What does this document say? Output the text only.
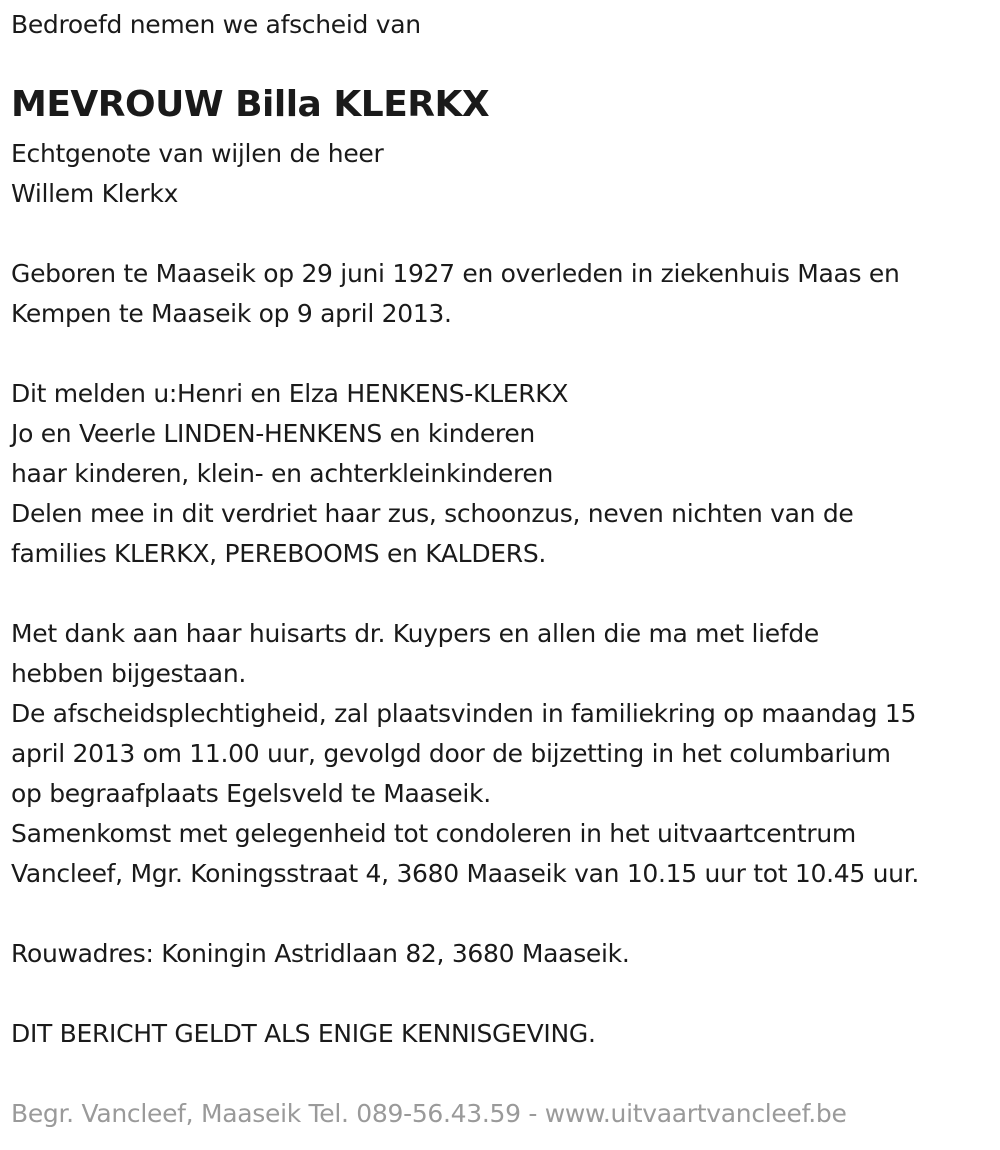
Bedroefd nemen we afscheid van
MEVROUW Billa KLERKX
Echtgenote van wijlen de heer
Willem Klerkx
Geboren te Maaseik op 29 juni 1927 en overleden in ziekenhuis Maas en
Kempen te Maaseik op 9 april 2013.
Dit melden u:Henri en Elza HENKENS-KLERKX
Jo en Veerle LINDEN-HENKENS en kinderen
haar kinderen, klein- en achterkleinkinderen
Delen mee in dit verdriet haar zus, schoonzus, neven nichten van de
families KLERKX, PEREBOOMS en KALDERS.
Met dank aan haar huisarts dr. Kuypers en allen die ma met liefde
hebben bijgestaan.
De afscheidsplechtigheid, zal plaatsvinden in familiekring op maandag 15
april 2013 om 11.00 uur, gevolgd door de bijzetting in het columbarium
op begraafplaats Egelsveld te Maaseik.
Samenkomst met gelegenheid tot condoleren in het uitvaartcentrum
Vancleef, Mgr. Koningsstraat 4, 3680 Maaseik van 10.15 uur tot 10.45 uur.
Rouwadres: Koningin Astridlaan 82, 3680 Maaseik.
DIT BERICHT GELDT ALS ENIGE KENNISGEVING.
Begr. Vancleef, Maaseik Tel. 089-56.43.59 - www.uitvaartvancleef.be
